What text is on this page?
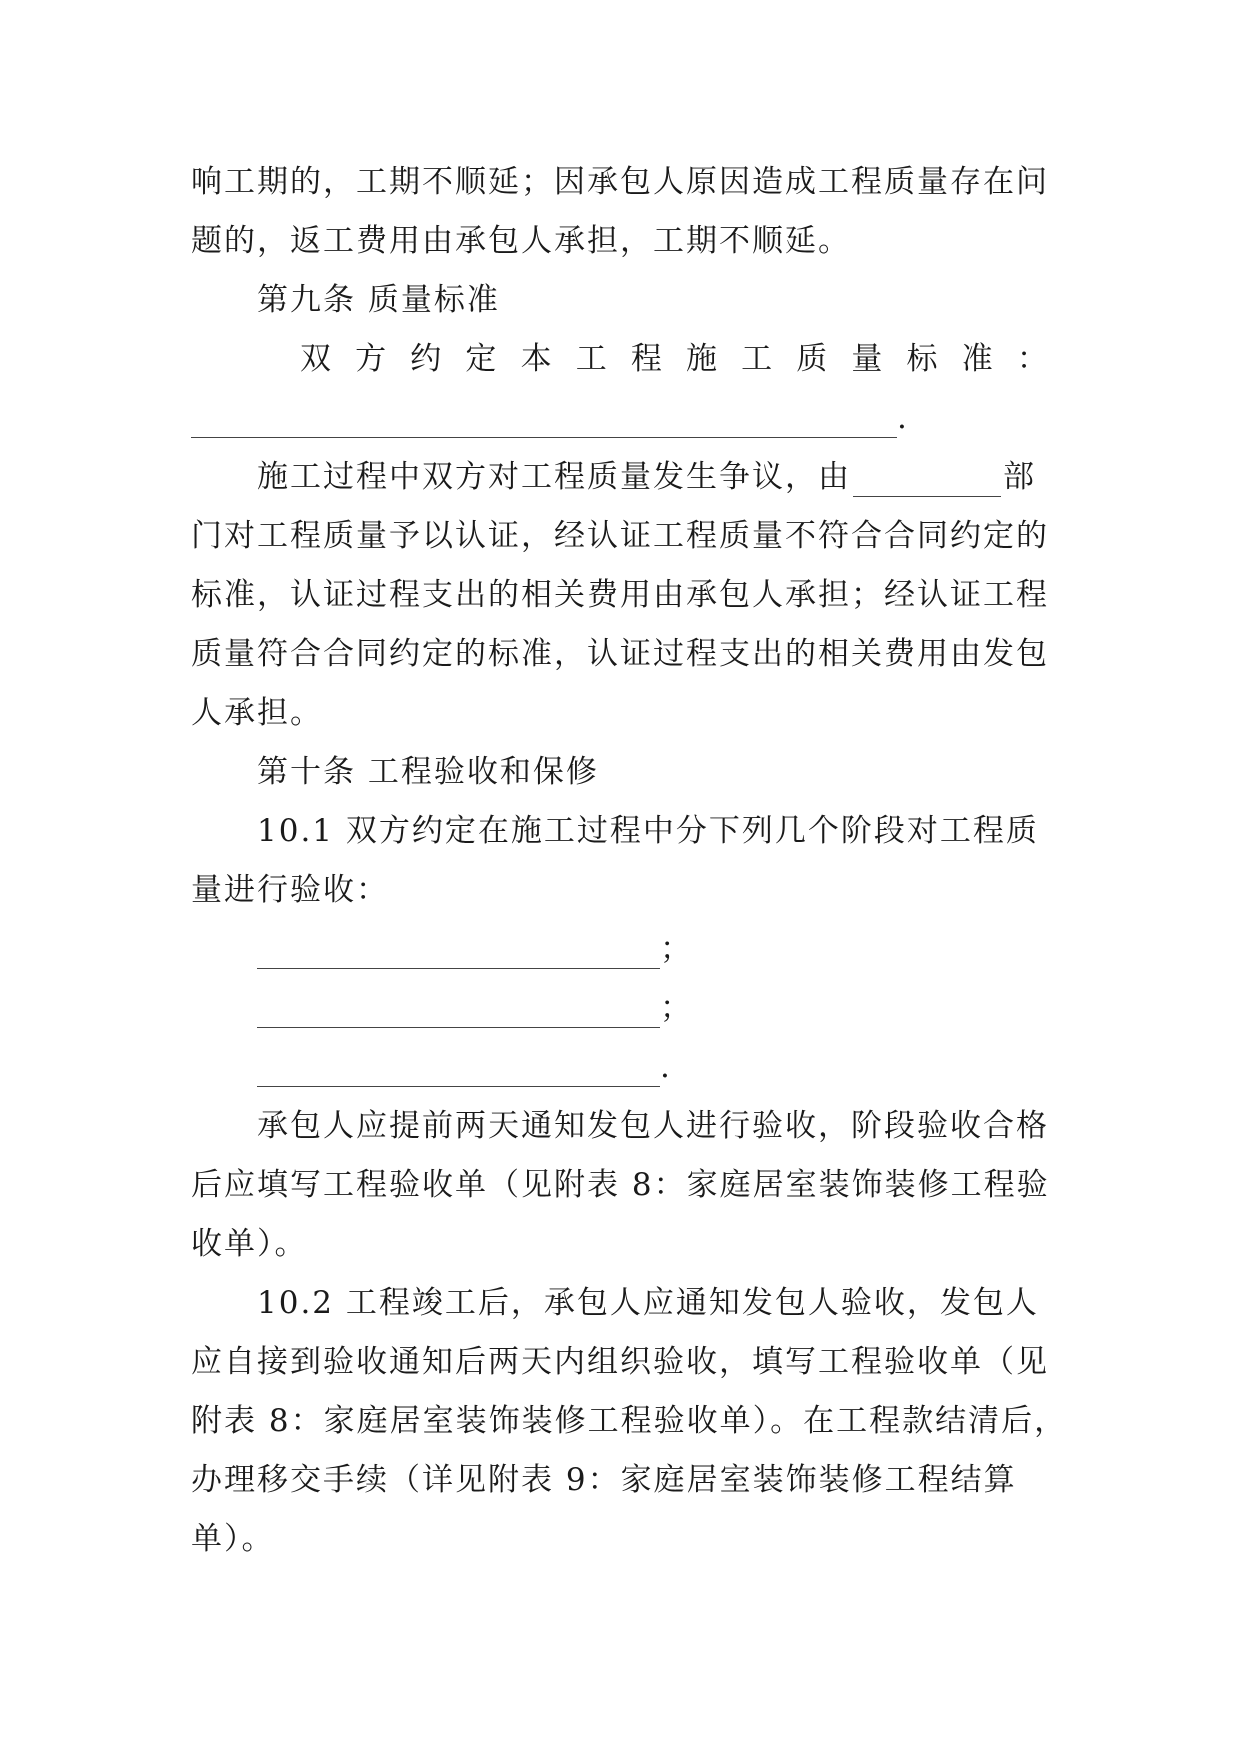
响工期的，工期不顺延；因承包人原因造成工程质量存在问
题的，返工费用由承包人承担，工期不顺延。
第九条 质量标准
双 方 约 定 本 工 程 施 工 质 量 标 准 ：
.
施工过程中双方对工程质量发生争议，由	部
门对工程质量予以认证，经认证工程质量不符合合同约定的
标准，认证过程支出的相关费用由承包人承担；经认证工程
质量符合合同约定的标准，认证过程支出的相关费用由发包
人承担。
第十条 工程验收和保修
10.1 双方约定在施工过程中分下列几个阶段对工程质
量进行验收：
；
；
.
承包人应提前两天通知发包人进行验收，阶段验收合格
后应填写工程验收单（见附表 8：家庭居室装饰装修工程验
收单）。
10.2 工程竣工后，承包人应通知发包人验收，发包人
应自接到验收通知后两天内组织验收，填写工程验收单（见
附表 8：家庭居室装饰装修工程验收单）。在工程款结清后，
办理移交手续（详见附表 9：家庭居室装饰装修工程结算
单）。
